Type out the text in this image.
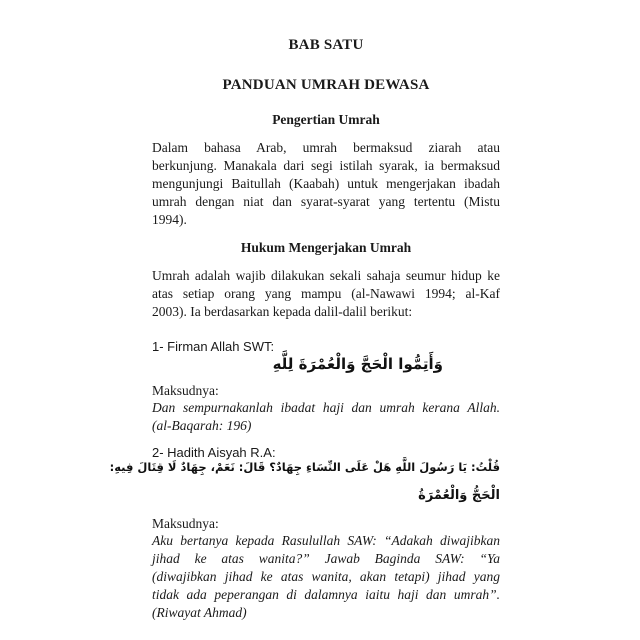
BAB SATU
PANDUAN UMRAH DEWASA
Pengertian Umrah
Dalam bahasa Arab, umrah bermaksud ziarah atau
berkunjung. Manakala dari segi istilah syarak, ia bermaksud
mengunjungi Baitullah (Kaabah) untuk mengerjakan ibadah
umrah dengan niat dan syarat-syarat yang tertentu (Mistu
1994).
Hukum Mengerjakan Umrah
Umrah adalah wajib dilakukan sekali sahaja seumur hidup ke
atas setiap orang yang mampu (al-Nawawi 1994; al-Kaf
2003). Ia berdasarkan kepada dalil-dalil berikut:
1- Firman Allah SWT:
وَأَتِمُّوا الْحَجَّ وَالْعُمْرَةَ لِلَّهِ
Maksudnya:
Dan sempurnakanlah ibadat haji dan umrah kerana Allah.
(al-Baqarah: 196)
2- Hadith Aisyah R.A:
قُلْتُ: يَا رَسُولَ اللَّهِ هَلْ عَلَى النِّسَاءِ جِهَادٌ؟ قَالَ: نَعَمْ، جِهَادٌ لَا قِتَالَ فِيهِ:
الْحَجُّ وَالْعُمْرَةُ
Maksudnya:
Aku bertanya kepada Rasulullah SAW: “Adakah diwajibkan
jihad ke atas wanita?” Jawab Baginda SAW: “Ya
(diwajibkan jihad ke atas wanita, akan tetapi) jihad yang
tidak ada peperangan di dalamnya iaitu haji dan umrah”.
(Riwayat Ahmad)
